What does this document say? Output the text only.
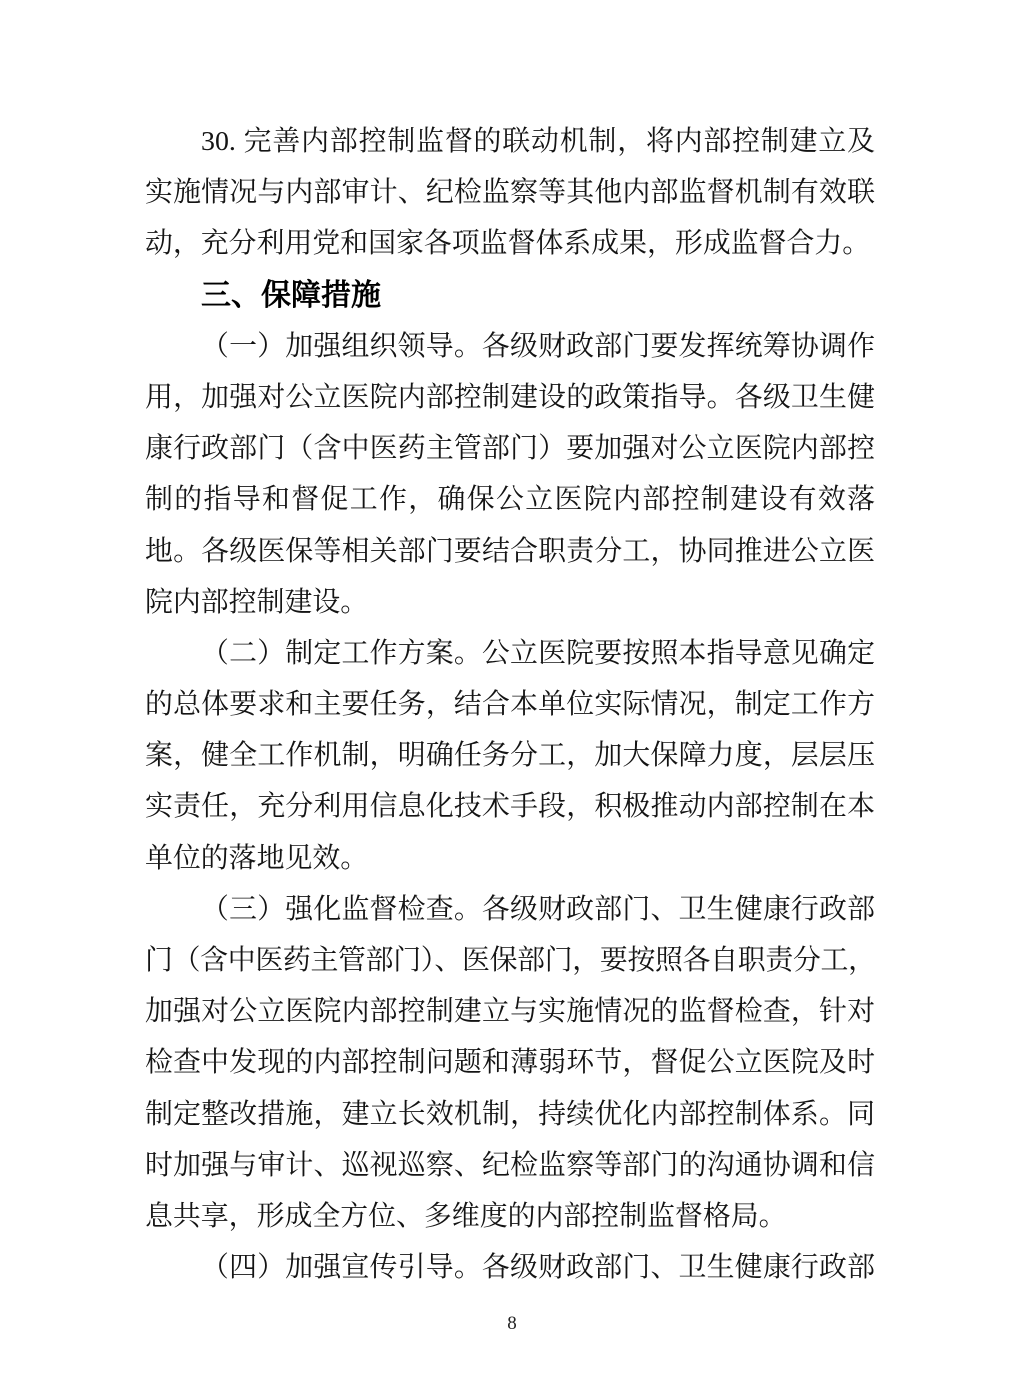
30. 完善内部控制监督的联动机制，将内部控制建立及
实施情况与内部审计、纪检监察等其他内部监督机制有效联
动，充分利用党和国家各项监督体系成果，形成监督合力。
三、保障措施
（一）加强组织领导。各级财政部门要发挥统筹协调作
用，加强对公立医院内部控制建设的政策指导。各级卫生健
康行政部门（含中医药主管部门）要加强对公立医院内部控
制的指导和督促工作，确保公立医院内部控制建设有效落
地。各级医保等相关部门要结合职责分工，协同推进公立医
院内部控制建设。
（二）制定工作方案。公立医院要按照本指导意见确定
的总体要求和主要任务，结合本单位实际情况，制定工作方
案，健全工作机制，明确任务分工，加大保障力度，层层压
实责任，充分利用信息化技术手段，积极推动内部控制在本
单位的落地见效。
（三）强化监督检查。各级财政部门、卫生健康行政部
门（含中医药主管部门）、医保部门，要按照各自职责分工，
加强对公立医院内部控制建立与实施情况的监督检查，针对
检查中发现的内部控制问题和薄弱环节，督促公立医院及时
制定整改措施，建立长效机制，持续优化内部控制体系。同
时加强与审计、巡视巡察、纪检监察等部门的沟通协调和信
息共享，形成全方位、多维度的内部控制监督格局。
（四）加强宣传引导。各级财政部门、卫生健康行政部
8
